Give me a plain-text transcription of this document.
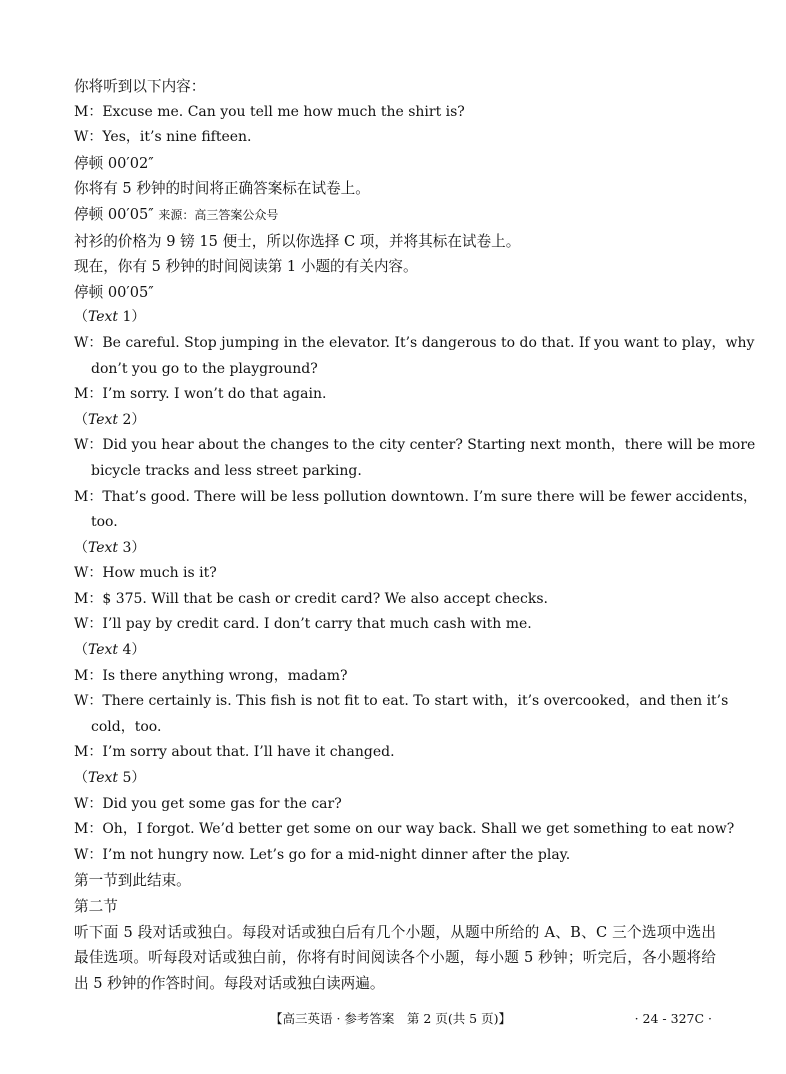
你将听到以下内容：
M：Excuse me. Can you tell me how much the shirt is?
W：Yes，it’s nine fifteen.
停顿 00′02″
你将有 5 秒钟的时间将正确答案标在试卷上。
停顿 00′05″ 来源：高三答案公众号
衬衫的价格为 9 镑 15 便士，所以你选择 C 项，并将其标在试卷上。
现在，你有 5 秒钟的时间阅读第 1 小题的有关内容。
停顿 00′05″
（Text 1）
W：Be careful. Stop jumping in the elevator. It’s dangerous to do that. If you want to play，why
don’t you go to the playground?
M：I’m sorry. I won’t do that again.
（Text 2）
W：Did you hear about the changes to the city center? Starting next month，there will be more
bicycle tracks and less street parking.
M：That’s good. There will be less pollution downtown. I’m sure there will be fewer accidents，
too.
（Text 3）
W：How much is it?
M：$ 375. Will that be cash or credit card? We also accept checks.
W：I’ll pay by credit card. I don’t carry that much cash with me.
（Text 4）
M：Is there anything wrong，madam?
W：There certainly is. This fish is not fit to eat. To start with，it’s overcooked，and then it’s
cold，too.
M：I’m sorry about that. I’ll have it changed.
（Text 5）
W：Did you get some gas for the car?
M：Oh，I forgot. We’d better get some on our way back. Shall we get something to eat now?
W：I’m not hungry now. Let’s go for a mid-night dinner after the play.
第一节到此结束。
第二节
听下面 5 段对话或独白。每段对话或独白后有几个小题，从题中所给的 A、B、C 三个选项中选出最佳选项。听每段对话或独白前，你将有时间阅读各个小题，每小题 5 秒钟；听完后，各小题将给出 5 秒钟的作答时间。每段对话或独白读两遍。
【高三英语 · 参考答案　第 2 页(共 5 页)】	· 24 - 327C ·
